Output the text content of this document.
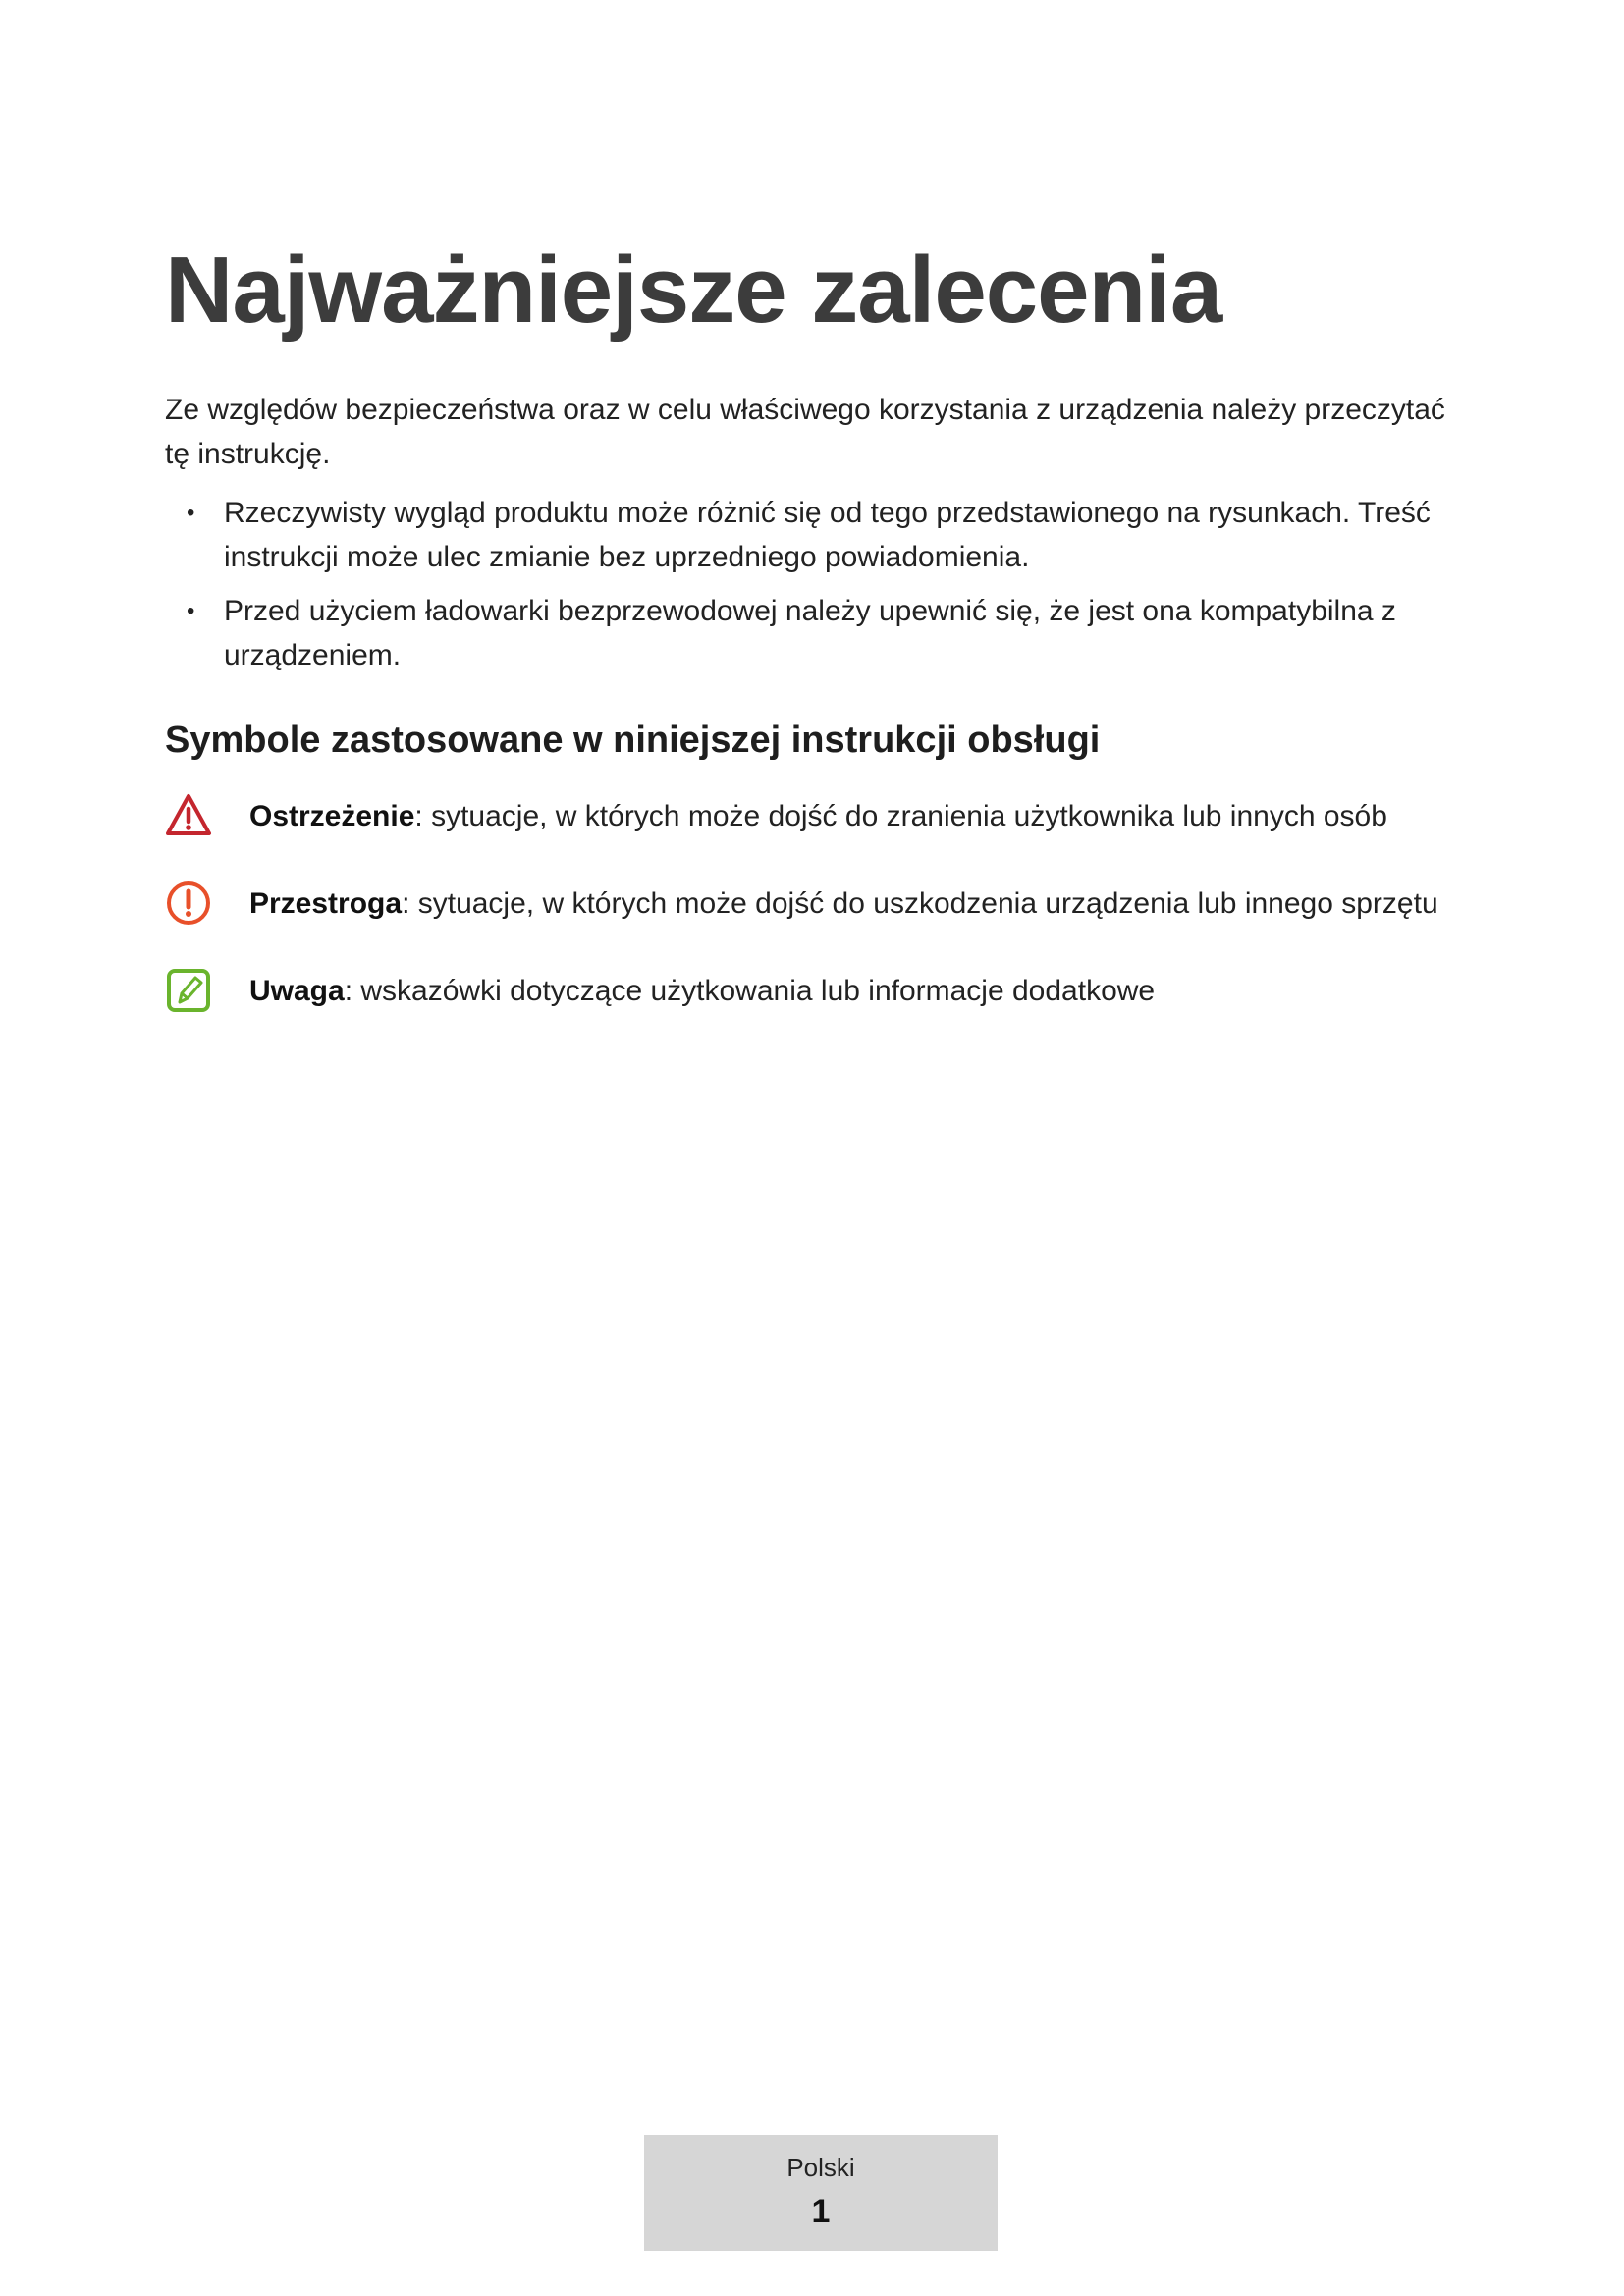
Najważniejsze zalecenia
Ze względów bezpieczeństwa oraz w celu właściwego korzystania z urządzenia należy przeczytać tę instrukcję.
• Rzeczywisty wygląd produktu może różnić się od tego przedstawionego na rysunkach. Treść instrukcji może ulec zmianie bez uprzedniego powiadomienia.
• Przed użyciem ładowarki bezprzewodowej należy upewnić się, że jest ona kompatybilna z urządzeniem.
Symbole zastosowane w niniejszej instrukcji obsługi
Ostrzeżenie: sytuacje, w których może dojść do zranienia użytkownika lub innych osób
Przestroga: sytuacje, w których może dojść do uszkodzenia urządzenia lub innego sprzętu
Uwaga: wskazówki dotyczące użytkowania lub informacje dodatkowe
Polski
1
